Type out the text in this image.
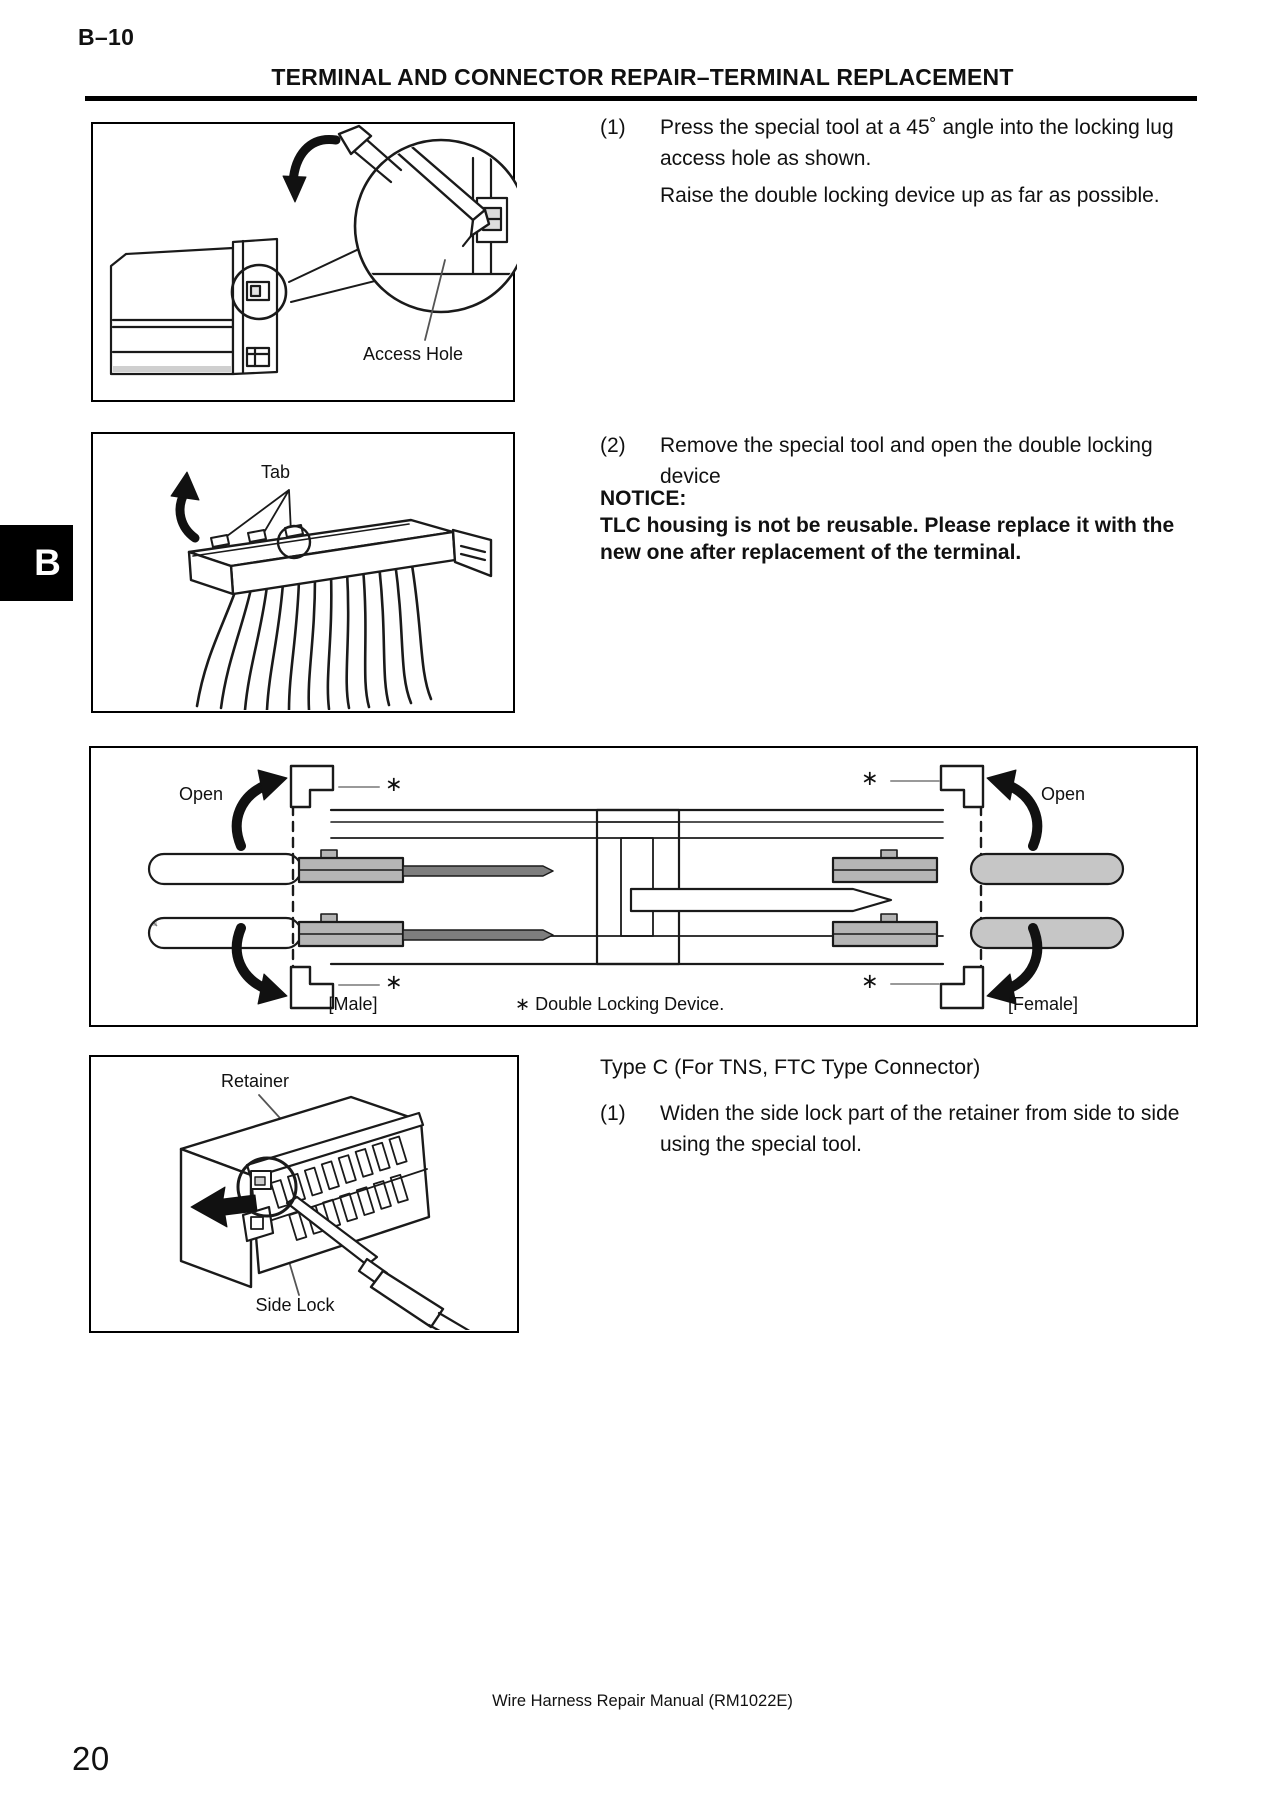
B–10
TERMINAL AND CONNECTOR REPAIR–TERMINAL REPLACEMENT
B
Access Hole
(1) Press the special tool at a 45˚ angle into the locking lug access hole as shown.

Raise the double locking device up as far as possible.

Tab
(2) Remove the special tool and open the double locking device

NOTICE:
TLC housing is not be reusable. Please replace it with the new one after replacement of the terminal.
Open	Open
∗
∗
∗
∗
[Male]	∗ Double Locking Device.	[Female]
Retainer
Side Lock
Type C (For TNS, FTC Type Connector)
(1) Widen the side lock part of the retainer from side to side using the special tool.

Wire Harness Repair Manual (RM1022E)
20
